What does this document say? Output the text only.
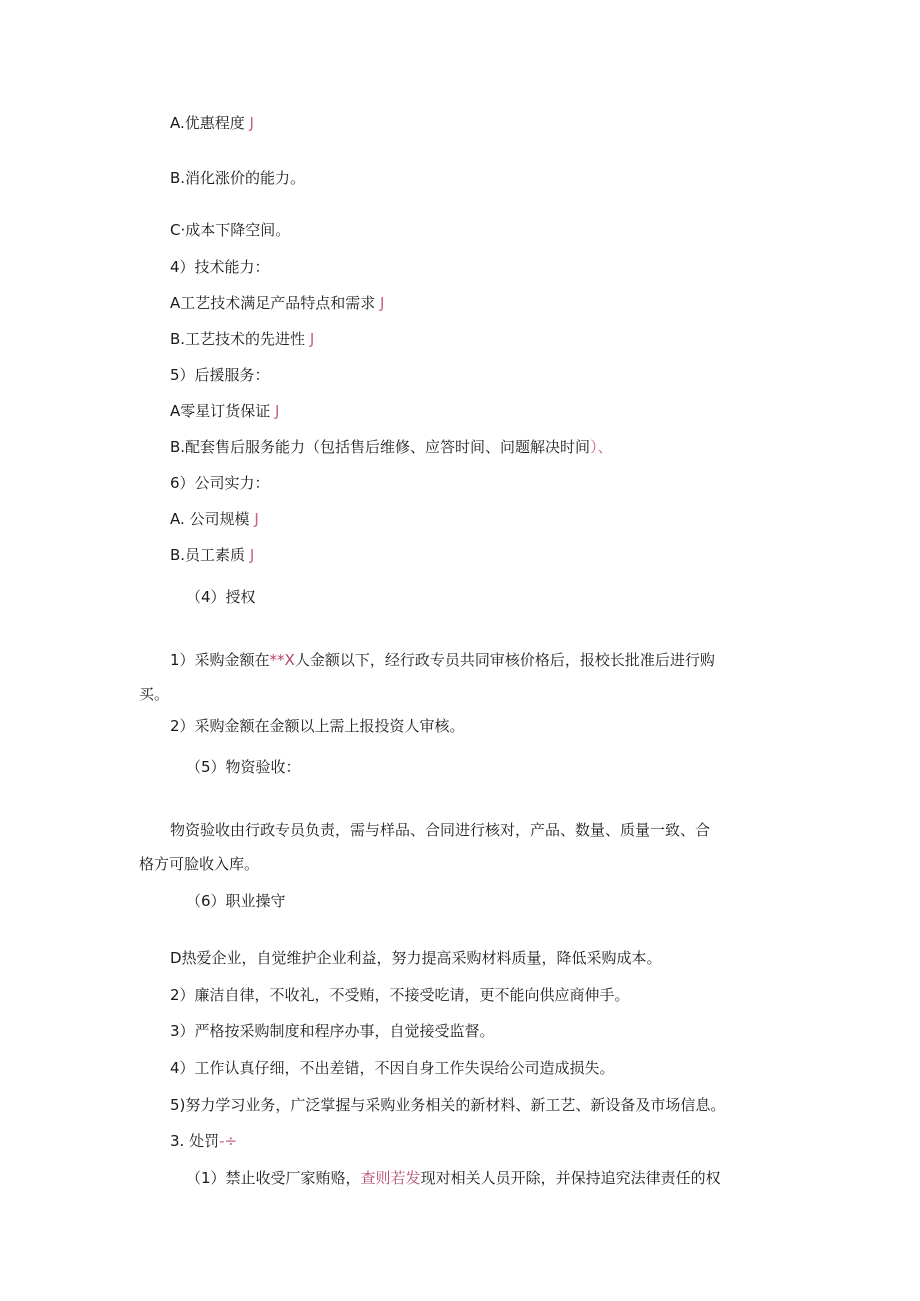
A.优惠程度 J
B.消化涨价的能力。
C·成本下降空间。
4）技术能力：
A工艺技术满足产品特点和需求 J
B.工艺技术的先进性 J
5）后援服务：
A零星订货保证 J
B.配套售后服务能力（包括售后维修、应答时间、问题解决时间）、
6）公司实力：
A. 公司规模 J
B.员工素质 J
（4）授权
1）采购金额在**X人金额以下，经行政专员共同审核价格后，报校长批准后进行购
买。
2）采购金额在金额以上需上报投资人审核。
（5）物资验收：
物资验收由行政专员负责，需与样品、合同进行核对，产品、数量、质量一致、合
格方可脸收入库。
（6）职业操守
D热爱企业，自觉维护企业利益，努力提高采购材料质量，降低采购成本。
2）廉洁自律，不收礼，不受贿，不接受吃请，更不能向供应商伸手。
3）严格按采购制度和程序办事，自觉接受监督。
4）工作认真仔细，不出差错，不因自身工作失误给公司造成损失。
5)努力学习业务，广泛掌握与采购业务相关的新材料、新工艺、新设备及市场信息。
3. 处罚-÷
（1）禁止收受厂家贿赂，查则若发现对相关人员开除，并保持追究法律责任的权
